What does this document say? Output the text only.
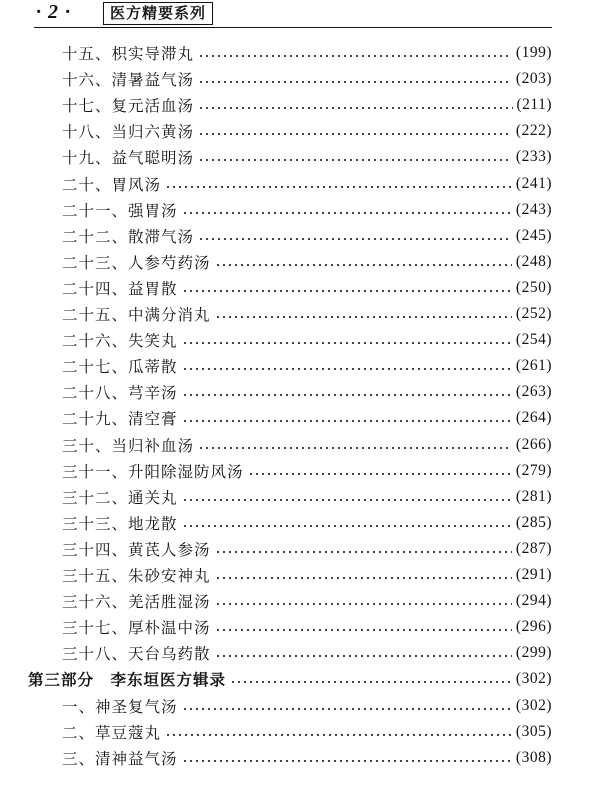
· 2 ·	医方精要系列
十五、枳实导滞丸	(199)
十六、清暑益气汤	(203)
十七、复元活血汤	(211)
十八、当归六黄汤	(222)
十九、益气聪明汤	(233)
二十、胃风汤	(241)
二十一、强胃汤	(243)
二十二、散滞气汤	(245)
二十三、人参芍药汤	(248)
二十四、益胃散	(250)
二十五、中满分消丸	(252)
二十六、失笑丸	(254)
二十七、瓜蒂散	(261)
二十八、芎辛汤	(263)
二十九、清空膏	(264)
三十、当归补血汤	(266)
三十一、升阳除湿防风汤	(279)
三十二、通关丸	(281)
三十三、地龙散	(285)
三十四、黄芪人参汤	(287)
三十五、朱砂安神丸	(291)
三十六、羌活胜湿汤	(294)
三十七、厚朴温中汤	(296)
三十八、天台乌药散	(299)
第三部分　李东垣医方辑录	(302)
一、神圣复气汤	(302)
二、草豆蔻丸	(305)
三、清神益气汤	(308)
